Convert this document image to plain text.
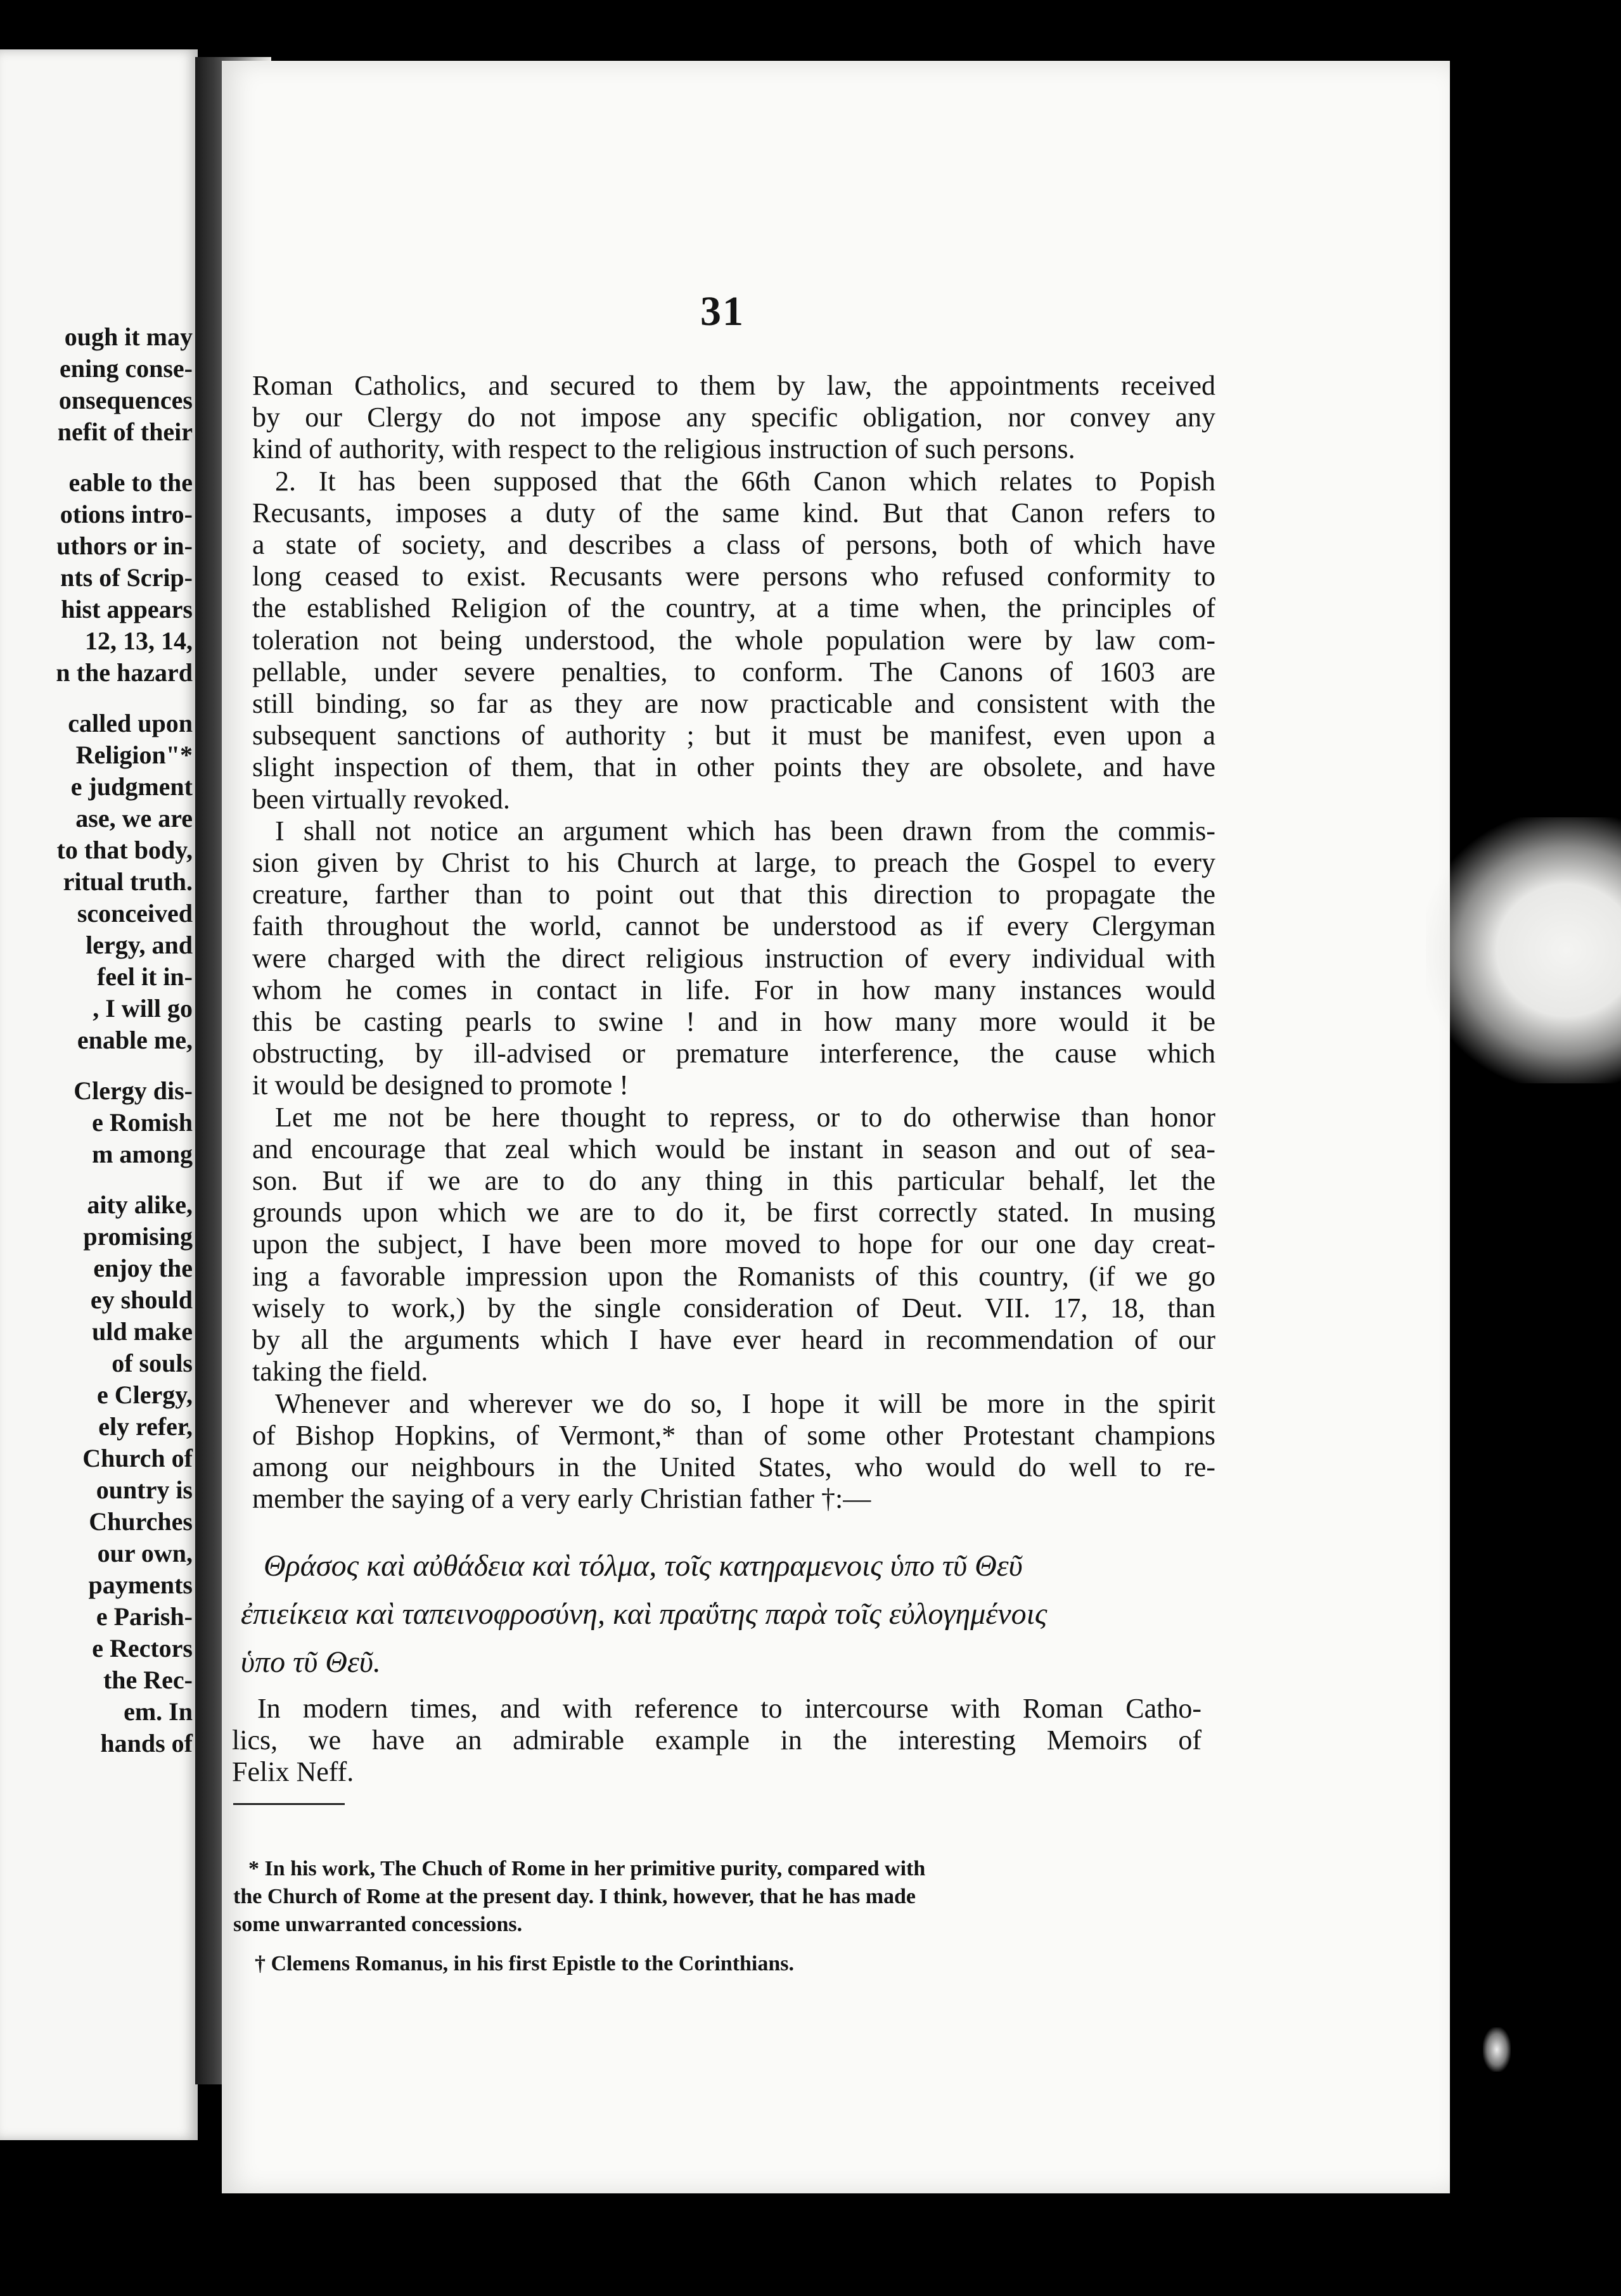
ough it may
ening conse-
onsequences
nefit of their
eable to the
otions intro-
uthors or in-
nts of Scrip-
hist appears
12, 13, 14,
n the hazard
called upon
Religion"*
e judgment
ase, we are
to that body,
ritual truth.
sconceived
lergy, and
feel it in-
, I will go
enable me,
Clergy dis-
e Romish
m among
aity alike,
promising
enjoy the
ey should
uld make
of souls
e Clergy,
ely refer,
Church of
ountry is
Churches
our own,
payments
e Parish-
e Rectors
the Rec-
em. In
hands of
31
Roman Catholics, and secured to them by law, the appointments received
by our Clergy do not impose any specific obligation, nor convey any
kind of authority, with respect to the religious instruction of such persons.
2. It has been supposed that the 66th Canon which relates to Popish
Recusants, imposes a duty of the same kind. But that Canon refers to
a state of society, and describes a class of persons, both of which have
long ceased to exist. Recusants were persons who refused conformity to
the established Religion of the country, at a time when, the principles of
toleration not being understood, the whole population were by law com-
pellable, under severe penalties, to conform. The Canons of 1603 are
still binding, so far as they are now practicable and consistent with the
subsequent sanctions of authority ; but it must be manifest, even upon a
slight inspection of them, that in other points they are obsolete, and have
been virtually revoked.
I shall not notice an argument which has been drawn from the commis-
sion given by Christ to his Church at large, to preach the Gospel to every
creature, farther than to point out that this direction to propagate the
faith throughout the world, cannot be understood as if every Clergyman
were charged with the direct religious instruction of every individual with
whom he comes in contact in life. For in how many instances would
this be casting pearls to swine ! and in how many more would it be
obstructing, by ill-advised or premature interference, the cause which
it would be designed to promote !
Let me not be here thought to repress, or to do otherwise than honor
and encourage that zeal which would be instant in season and out of sea-
son. But if we are to do any thing in this particular behalf, let the
grounds upon which we are to do it, be first correctly stated. In musing
upon the subject, I have been more moved to hope for our one day creat-
ing a favorable impression upon the Romanists of this country, (if we go
wisely to work,) by the single consideration of Deut. VII. 17, 18, than
by all the arguments which I have ever heard in recommendation of our
taking the field.
Whenever and wherever we do so, I hope it will be more in the spirit
of Bishop Hopkins, of Vermont,* than of some other Protestant champions
among our neighbours in the United States, who would do well to re-
member the saying of a very early Christian father †:—
Θράσος καὶ αὐθάδεια καὶ τόλμα, τοῖς κατηραμενοις ὑπο τῦ Θεῦ
ἐπιείκεια καὶ ταπεινοφροσύνη, καὶ πραΰτης παρὰ τοῖς εὐλογημένοις
ὑπο τῦ Θεῦ.
In modern times, and with reference to intercourse with Roman Catho-
lics, we have an admirable example in the interesting Memoirs of
Felix Neff.
* In his work, The Chuch of Rome in her primitive purity, compared with
the Church of Rome at the present day. I think, however, that he has made
some unwarranted concessions.
† Clemens Romanus, in his first Epistle to the Corinthians.
